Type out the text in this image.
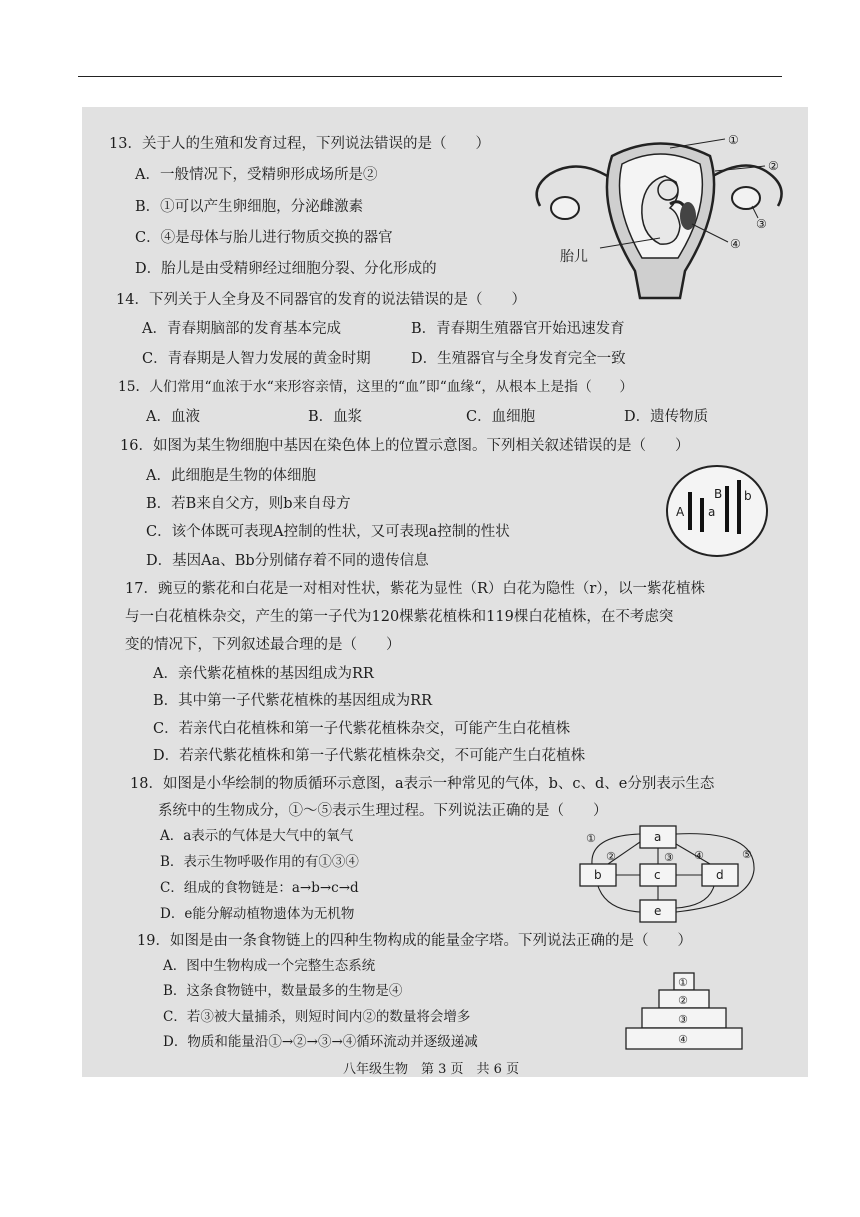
13．关于人的生殖和发育过程，下列说法错误的是（　　）
A．一般情况下，受精卵形成场所是②
B．①可以产生卵细胞，分泌雌激素
C．④是母体与胎儿进行物质交换的器官
D．胎儿是由受精卵经过细胞分裂、分化形成的
①
②
③
④
胎儿
14．下列关于人全身及不同器官的发育的说法错误的是（　　）
A．青春期脑部的发育基本完成	B．青春期生殖器官开始迅速发育
C．青春期是人智力发展的黄金时期	D．生殖器官与全身发育完全一致
15．人们常用“血浓于水“来形容亲情，这里的“血”即“血缘“，从根本上是指（　　）
A．血液	B．血浆	C．血细胞	D．遗传物质
16．如图为某生物细胞中基因在染色体上的位置示意图。下列相关叙述错误的是（　　）
A．此细胞是生物的体细胞
B．若B来自父方，则b来自母方
C．该个体既可表现A控制的性状，又可表现a控制的性状
D．基因Aa、Bb分别储存着不同的遗传信息
A a
B b
17．豌豆的紫花和白花是一对相对性状，紫花为显性（R）白花为隐性（r），以一紫花植株
与一白花植株杂交，产生的第一子代为120棵紫花植株和119棵白花植株，在不考虑突
变的情况下，下列叙述最合理的是（　　）
A．亲代紫花植株的基因组成为RR
B．其中第一子代紫花植株的基因组成为RR
C．若亲代白花植株和第一子代紫花植株杂交，可能产生白花植株
D．若亲代紫花植株和第一子代紫花植株杂交，不可能产生白花植株
18．如图是小华绘制的物质循环示意图，a表示一种常见的气体，b、c、d、e分别表示生态
系统中的生物成分，①～⑤表示生理过程。下列说法正确的是（　　）
A．a表示的气体是大气中的氧气
B．表示生物呼吸作用的有①③④
C．组成的食物链是：a→b→c→d
D．e能分解动植物遗体为无机物
a
b	c	d
e
①
②	③ ④	⑤
19．如图是由一条食物链上的四种生物构成的能量金字塔。下列说法正确的是（　　）
A．图中生物构成一个完整生态系统
B．这条食物链中，数量最多的生物是④
C．若③被大量捕杀，则短时间内②的数量将会增多
D．物质和能量沿①→②→③→④循环流动并逐级递减
①
②
③
④
八年级生物　第 3 页　共 6 页
